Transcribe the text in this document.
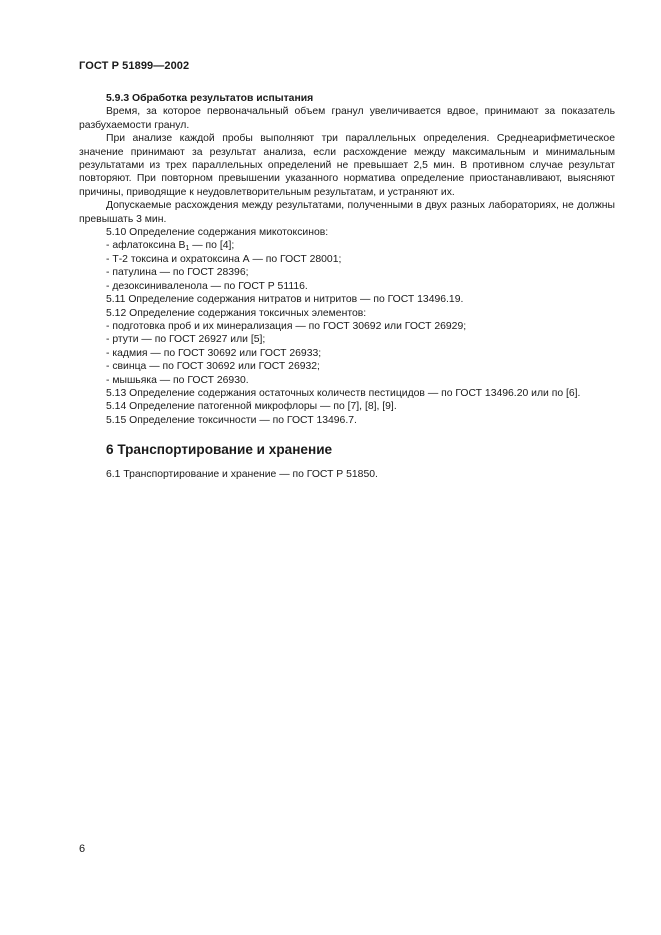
ГОСТ Р 51899—2002

5.9.3 Обработка результатов испытания

Время, за которое первоначальный объем гранул увеличивается вдвое, принимают за показатель разбухаемости гранул.

При анализе каждой пробы выполняют три параллельных определения. Среднеарифметическое значение принимают за результат анализа, если расхождение между максимальным и минимальным результатами из трех параллельных определений не превышает 2,5 мин. В противном случае результат повторяют. При повторном превышении указанного норматива определение приостанавливают, выясняют причины, приводящие к неудовлетворительным результатам, и устраняют их.

Допускаемые расхождения между результатами, полученными в двух разных лабораториях, не должны превышать 3 мин.

5.10 Определение содержания микотоксинов:

- афлатоксина $В_1$ — по [4];

- Т-2 токсина и охратоксина А — по ГОСТ 28001;

- патулина — по ГОСТ 28396;

- дезоксиниваленола — по ГОСТ Р 51116.

5.11 Определение содержания нитратов и нитритов — по ГОСТ 13496.19.

5.12 Определение содержания токсичных элементов:

- подготовка проб и их минерализация — по ГОСТ 30692 или ГОСТ 26929;

- ртути — по ГОСТ 26927 или [5];

- кадмия — по ГОСТ 30692 или ГОСТ 26933;

- свинца — по ГОСТ 30692 или ГОСТ 26932;

- мышьяка — по ГОСТ 26930.

5.13 Определение содержания остаточных количеств пестицидов — по ГОСТ 13496.20 или по [6].

5.14 Определение патогенной микрофлоры — по [7], [8], [9].

5.15 Определение токсичности — по ГОСТ 13496.7.

6 Транспортирование и хранение

6.1 Транспортирование и хранение — по ГОСТ Р 51850.

6
